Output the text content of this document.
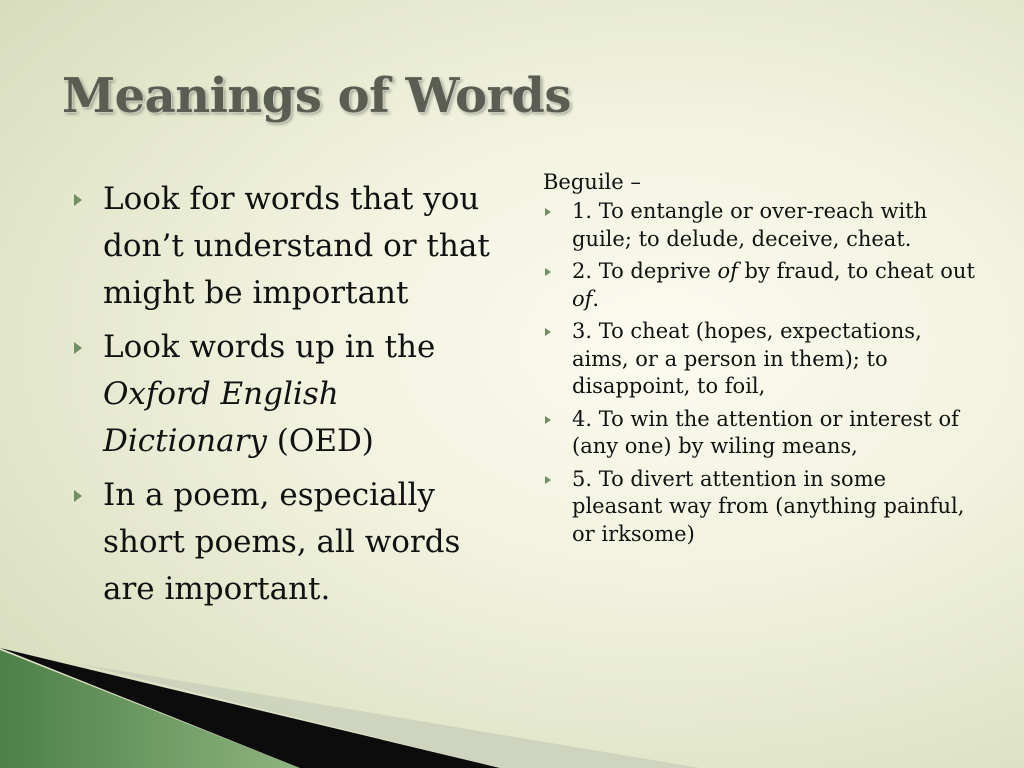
Meanings of Words
Look for words that you don’t understand or that might be important
Look words up in the Oxford English Dictionary (OED)
In a poem, especially short poems, all words are important.

Beguile –

1. To entangle or over-reach with guile; to delude, deceive, cheat.
2. To deprive of by fraud, to cheat out of.
3. To cheat (hopes, expectations, aims, or a person in them); to disappoint, to foil,
4. To win the attention or interest of (any one) by wiling means,
5. To divert attention in some pleasant way from (anything painful, or irksome)
